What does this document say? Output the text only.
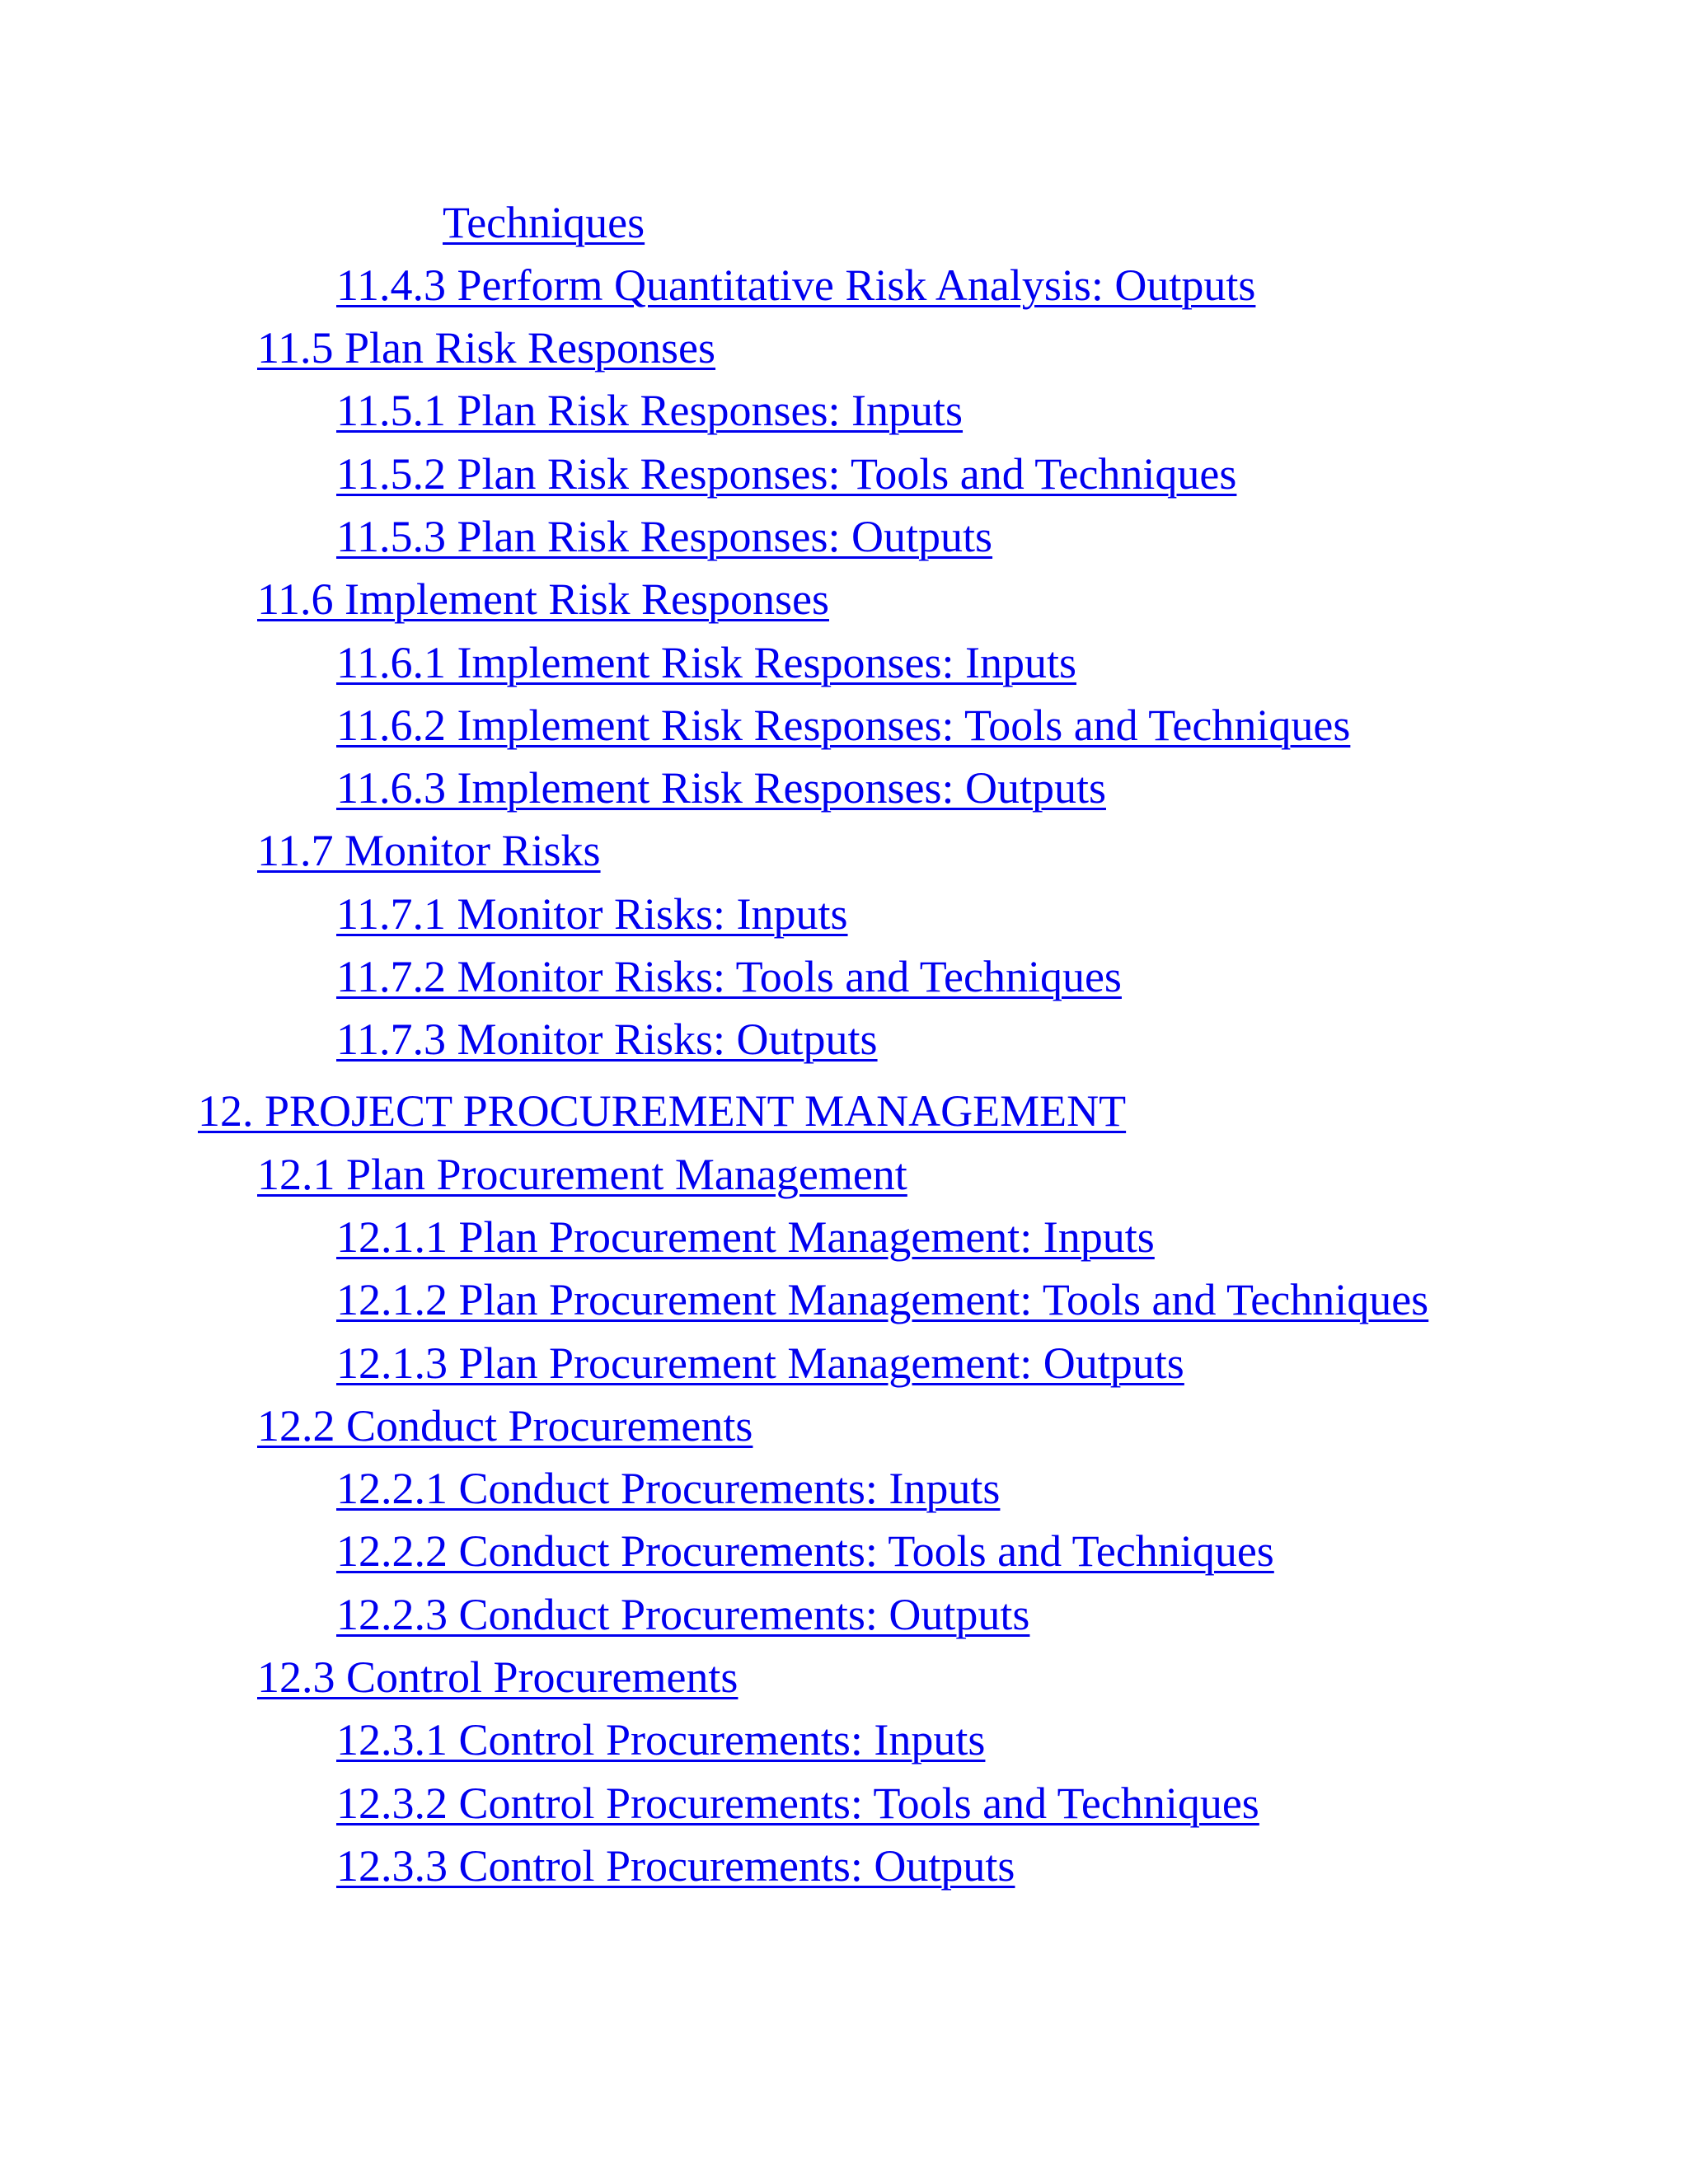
Techniques

11.4.3 Perform Quantitative Risk Analysis: Outputs

11.5 Plan Risk Responses

11.5.1 Plan Risk Responses: Inputs

11.5.2 Plan Risk Responses: Tools and Techniques

11.5.3 Plan Risk Responses: Outputs

11.6 Implement Risk Responses

11.6.1 Implement Risk Responses: Inputs

11.6.2 Implement Risk Responses: Tools and Techniques

11.6.3 Implement Risk Responses: Outputs

11.7 Monitor Risks

11.7.1 Monitor Risks: Inputs

11.7.2 Monitor Risks: Tools and Techniques

11.7.3 Monitor Risks: Outputs

12. PROJECT PROCUREMENT MANAGEMENT

12.1 Plan Procurement Management

12.1.1 Plan Procurement Management: Inputs

12.1.2 Plan Procurement Management: Tools and Techniques

12.1.3 Plan Procurement Management: Outputs

12.2 Conduct Procurements

12.2.1 Conduct Procurements: Inputs

12.2.2 Conduct Procurements: Tools and Techniques

12.2.3 Conduct Procurements: Outputs

12.3 Control Procurements

12.3.1 Control Procurements: Inputs

12.3.2 Control Procurements: Tools and Techniques

12.3.3 Control Procurements: Outputs
